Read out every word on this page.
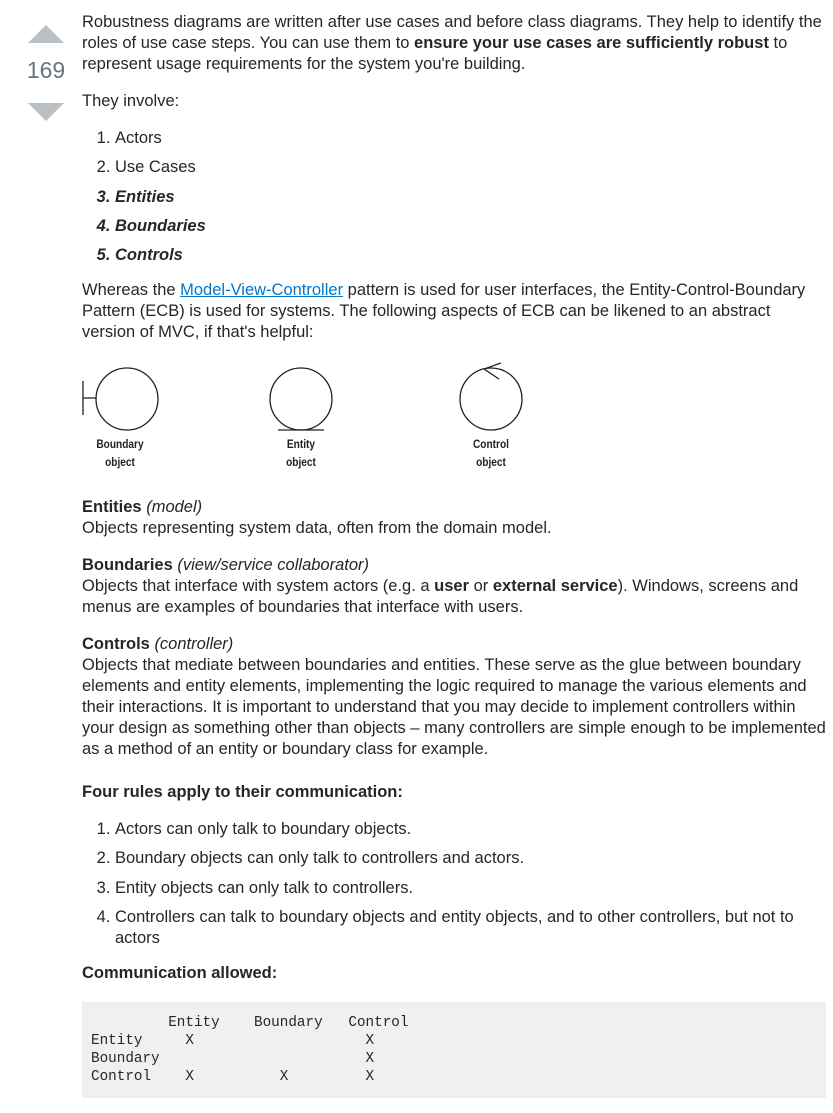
169

Robustness diagrams are written after use cases and before class diagrams. They help to identify the roles of use case steps. You can use them to ensure your use cases are sufficiently robust to represent usage requirements for the system you're building.

They involve:

1. Actors
2. Use Cases
3. Entities
4. Boundaries
5. Controls

Whereas the Model-View-Controller pattern is used for user interfaces, the Entity-Control-Boundary Pattern (ECB) is used for systems. The following aspects of ECB can be likened to an abstract version of MVC, if that's helpful:

Boundary
object
Entity
object
Control
object

Entities (model)
Objects representing system data, often from the domain model.

Boundaries (view/service collaborator)
Objects that interface with system actors (e.g. a user or external service). Windows, screens and menus are examples of boundaries that interface with users.

Controls (controller)
Objects that mediate between boundaries and entities. These serve as the glue between boundary elements and entity elements, implementing the logic required to manage the various elements and their interactions. It is important to understand that you may decide to implement controllers within your design as something other than objects – many controllers are simple enough to be implemented as a method of an entity or boundary class for example.

Four rules apply to their communication:

1. Actors can only talk to boundary objects.
2. Boundary objects can only talk to controllers and actors.
3. Entity objects can only talk to controllers.
4. Controllers can talk to boundary objects and entity objects, and to other controllers, but not to actors

Communication allowed:

Entity    Boundary   Control
Entity     X                    X
Boundary                        X
Control    X          X         X
